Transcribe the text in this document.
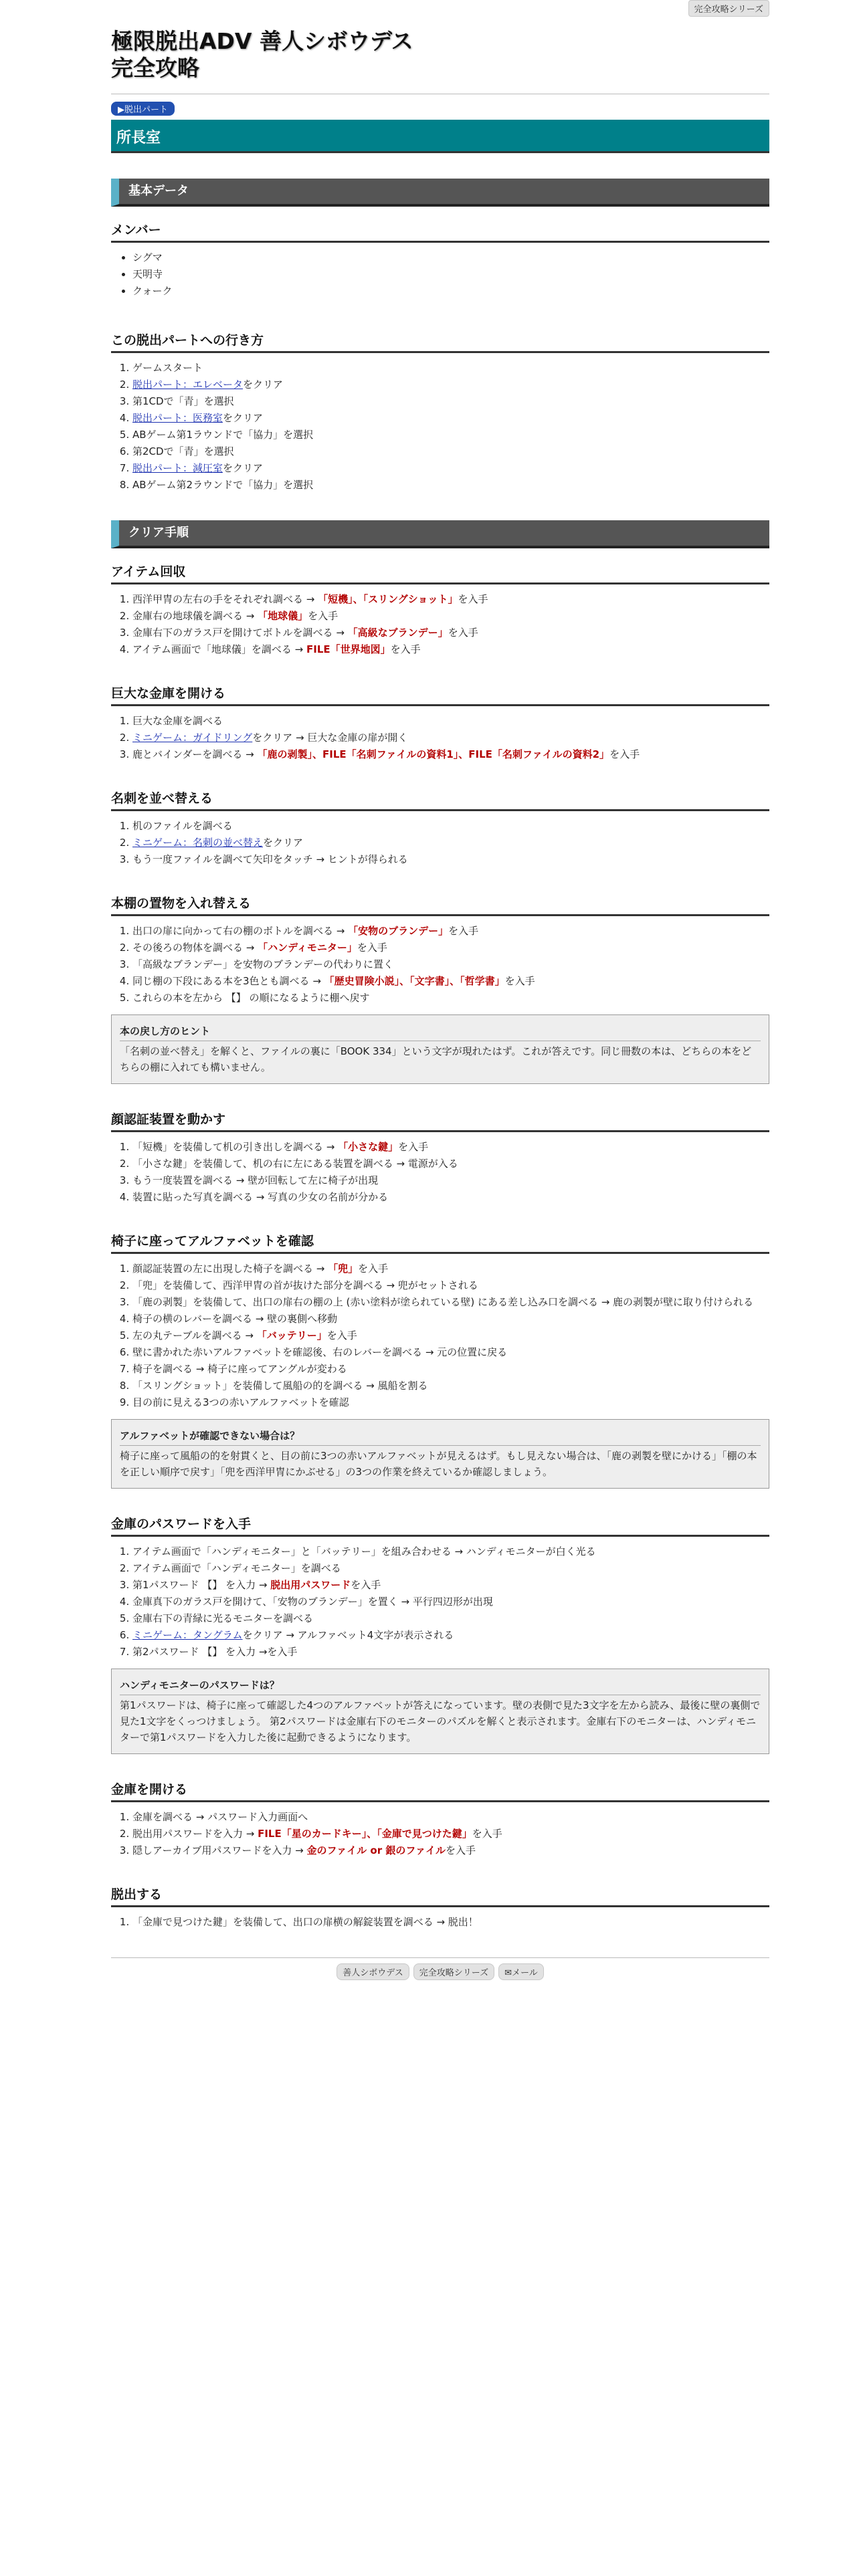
完全攻略シリーズ
極限脱出ADV 善人シボウデス
完全攻略
▶脱出パート
所長室
基本データ
メンバー
• シグマ
• 天明寺
• クォーク
この脱出パートへの行き方
1. ゲームスタート
2. 脱出パート：エレベータをクリア
3. 第1CDで「青」を選択
4. 脱出パート：医務室をクリア
5. ABゲーム第1ラウンドで「協力」を選択
6. 第2CDで「青」を選択
7. 脱出パート：減圧室をクリア
8. ABゲーム第2ラウンドで「協力」を選択
クリア手順
アイテム回収
1. 西洋甲冑の左右の手をそれぞれ調べる → 「短機」、「スリングショット」を入手
2. 金庫右の地球儀を調べる → 「地球儀」を入手
3. 金庫右下のガラス戸を開けてボトルを調べる → 「高級なブランデー」を入手
4. アイテム画面で「地球儀」を調べる → FILE「世界地図」を入手
巨大な金庫を開ける
1. 巨大な金庫を調べる
2. ミニゲーム：ガイドリングをクリア → 巨大な金庫の扉が開く
3. 鹿とバインダーを調べる → 「鹿の剥製」、FILE「名刺ファイルの資料1」、FILE「名刺ファイルの資料2」を入手
名刺を並べ替える
1. 机のファイルを調べる
2. ミニゲーム：名刺の並べ替えをクリア
3. もう一度ファイルを調べて矢印をタッチ → ヒントが得られる
本棚の置物を入れ替える
1. 出口の扉に向かって右の棚のボトルを調べる → 「安物のブランデー」を入手
2. その後ろの物体を調べる → 「ハンディモニター」を入手
3. 「高級なブランデー」を安物のブランデーの代わりに置く
4. 同じ棚の下段にある本を3色とも調べる → 「歴史冒険小説」、「文字書」、「哲学書」を入手
5. これらの本を左から 【】 の順になるように棚へ戻す
本の戻し方のヒント
「名刺の並べ替え」を解くと、ファイルの裏に「BOOK 334」という文字が現れたはず。これが答えです。同じ冊数の本は、どちらの本をどちらの棚に入れても構いません。
顔認証装置を動かす
1. 「短機」を装備して机の引き出しを調べる → 「小さな鍵」を入手
2. 「小さな鍵」を装備して、机の右に左にある装置を調べる → 電源が入る
3. もう一度装置を調べる → 壁が回転して左に椅子が出現
4. 装置に貼った写真を調べる → 写真の少女の名前が分かる
椅子に座ってアルファベットを確認
1. 顔認証装置の左に出現した椅子を調べる → 「兜」を入手
2. 「兜」を装備して、西洋甲冑の首が抜けた部分を調べる → 兜がセットされる
3. 「鹿の剥製」を装備して、出口の扉右の棚の上 (赤い塗料が塗られている壁) にある差し込み口を調べる → 鹿の剥製が壁に取り付けられる
4. 椅子の横のレバーを調べる → 壁の裏側へ移動
5. 左の丸テーブルを調べる → 「バッテリー」を入手
6. 壁に書かれた赤いアルファベットを確認後、右のレバーを調べる → 元の位置に戻る
7. 椅子を調べる → 椅子に座ってアングルが変わる
8. 「スリングショット」を装備して風船の的を調べる → 風船を割る
9. 目の前に見える3つの赤いアルファベットを確認
アルファベットが確認できない場合は？
椅子に座って風船の的を射貫くと、目の前に3つの赤いアルファベットが見えるはず。もし見えない場合は、「鹿の剥製を壁にかける」「棚の本を正しい順序で戻す」「兜を西洋甲冑にかぶせる」の3つの作業を終えているか確認しましょう。
金庫のパスワードを入手
1. アイテム画面で「ハンディモニター」と「バッテリー」を組み合わせる → ハンディモニターが白く光る
2. アイテム画面で「ハンディモニター」を調べる
3. 第1パスワード 【】 を入力 → 脱出用パスワードを入手
4. 金庫真下のガラス戸を開けて、「安物のブランデー」を置く → 平行四辺形が出現
5. 金庫右下の青緑に光るモニターを調べる
6. ミニゲーム：タングラムをクリア → アルファベット4文字が表示される
7. 第2パスワード 【】 を入力 →を入手
ハンディモニターのパスワードは？
第1パスワードは、椅子に座って確認した4つのアルファベットが答えになっています。壁の表側で見た3文字を左から読み、最後に壁の裏側で見た1文字をくっつけましょう。 第2パスワードは金庫右下のモニターのパズルを解くと表示されます。金庫右下のモニターは、ハンディモニターで第1パスワードを入力した後に起動できるようになります。
金庫を開ける
1. 金庫を調べる → パスワード入力画面へ
2. 脱出用パスワードを入力 → FILE「星のカードキー」、「金庫で見つけた鍵」を入手
3. 隠しアーカイブ用パスワードを入力 → 金のファイル or 銀のファイルを入手
脱出する
1. 「金庫で見つけた鍵」を装備して、出口の扉横の解錠装置を調べる → 脱出！
善人シボウデス 完全攻略シリーズ ✉メール
